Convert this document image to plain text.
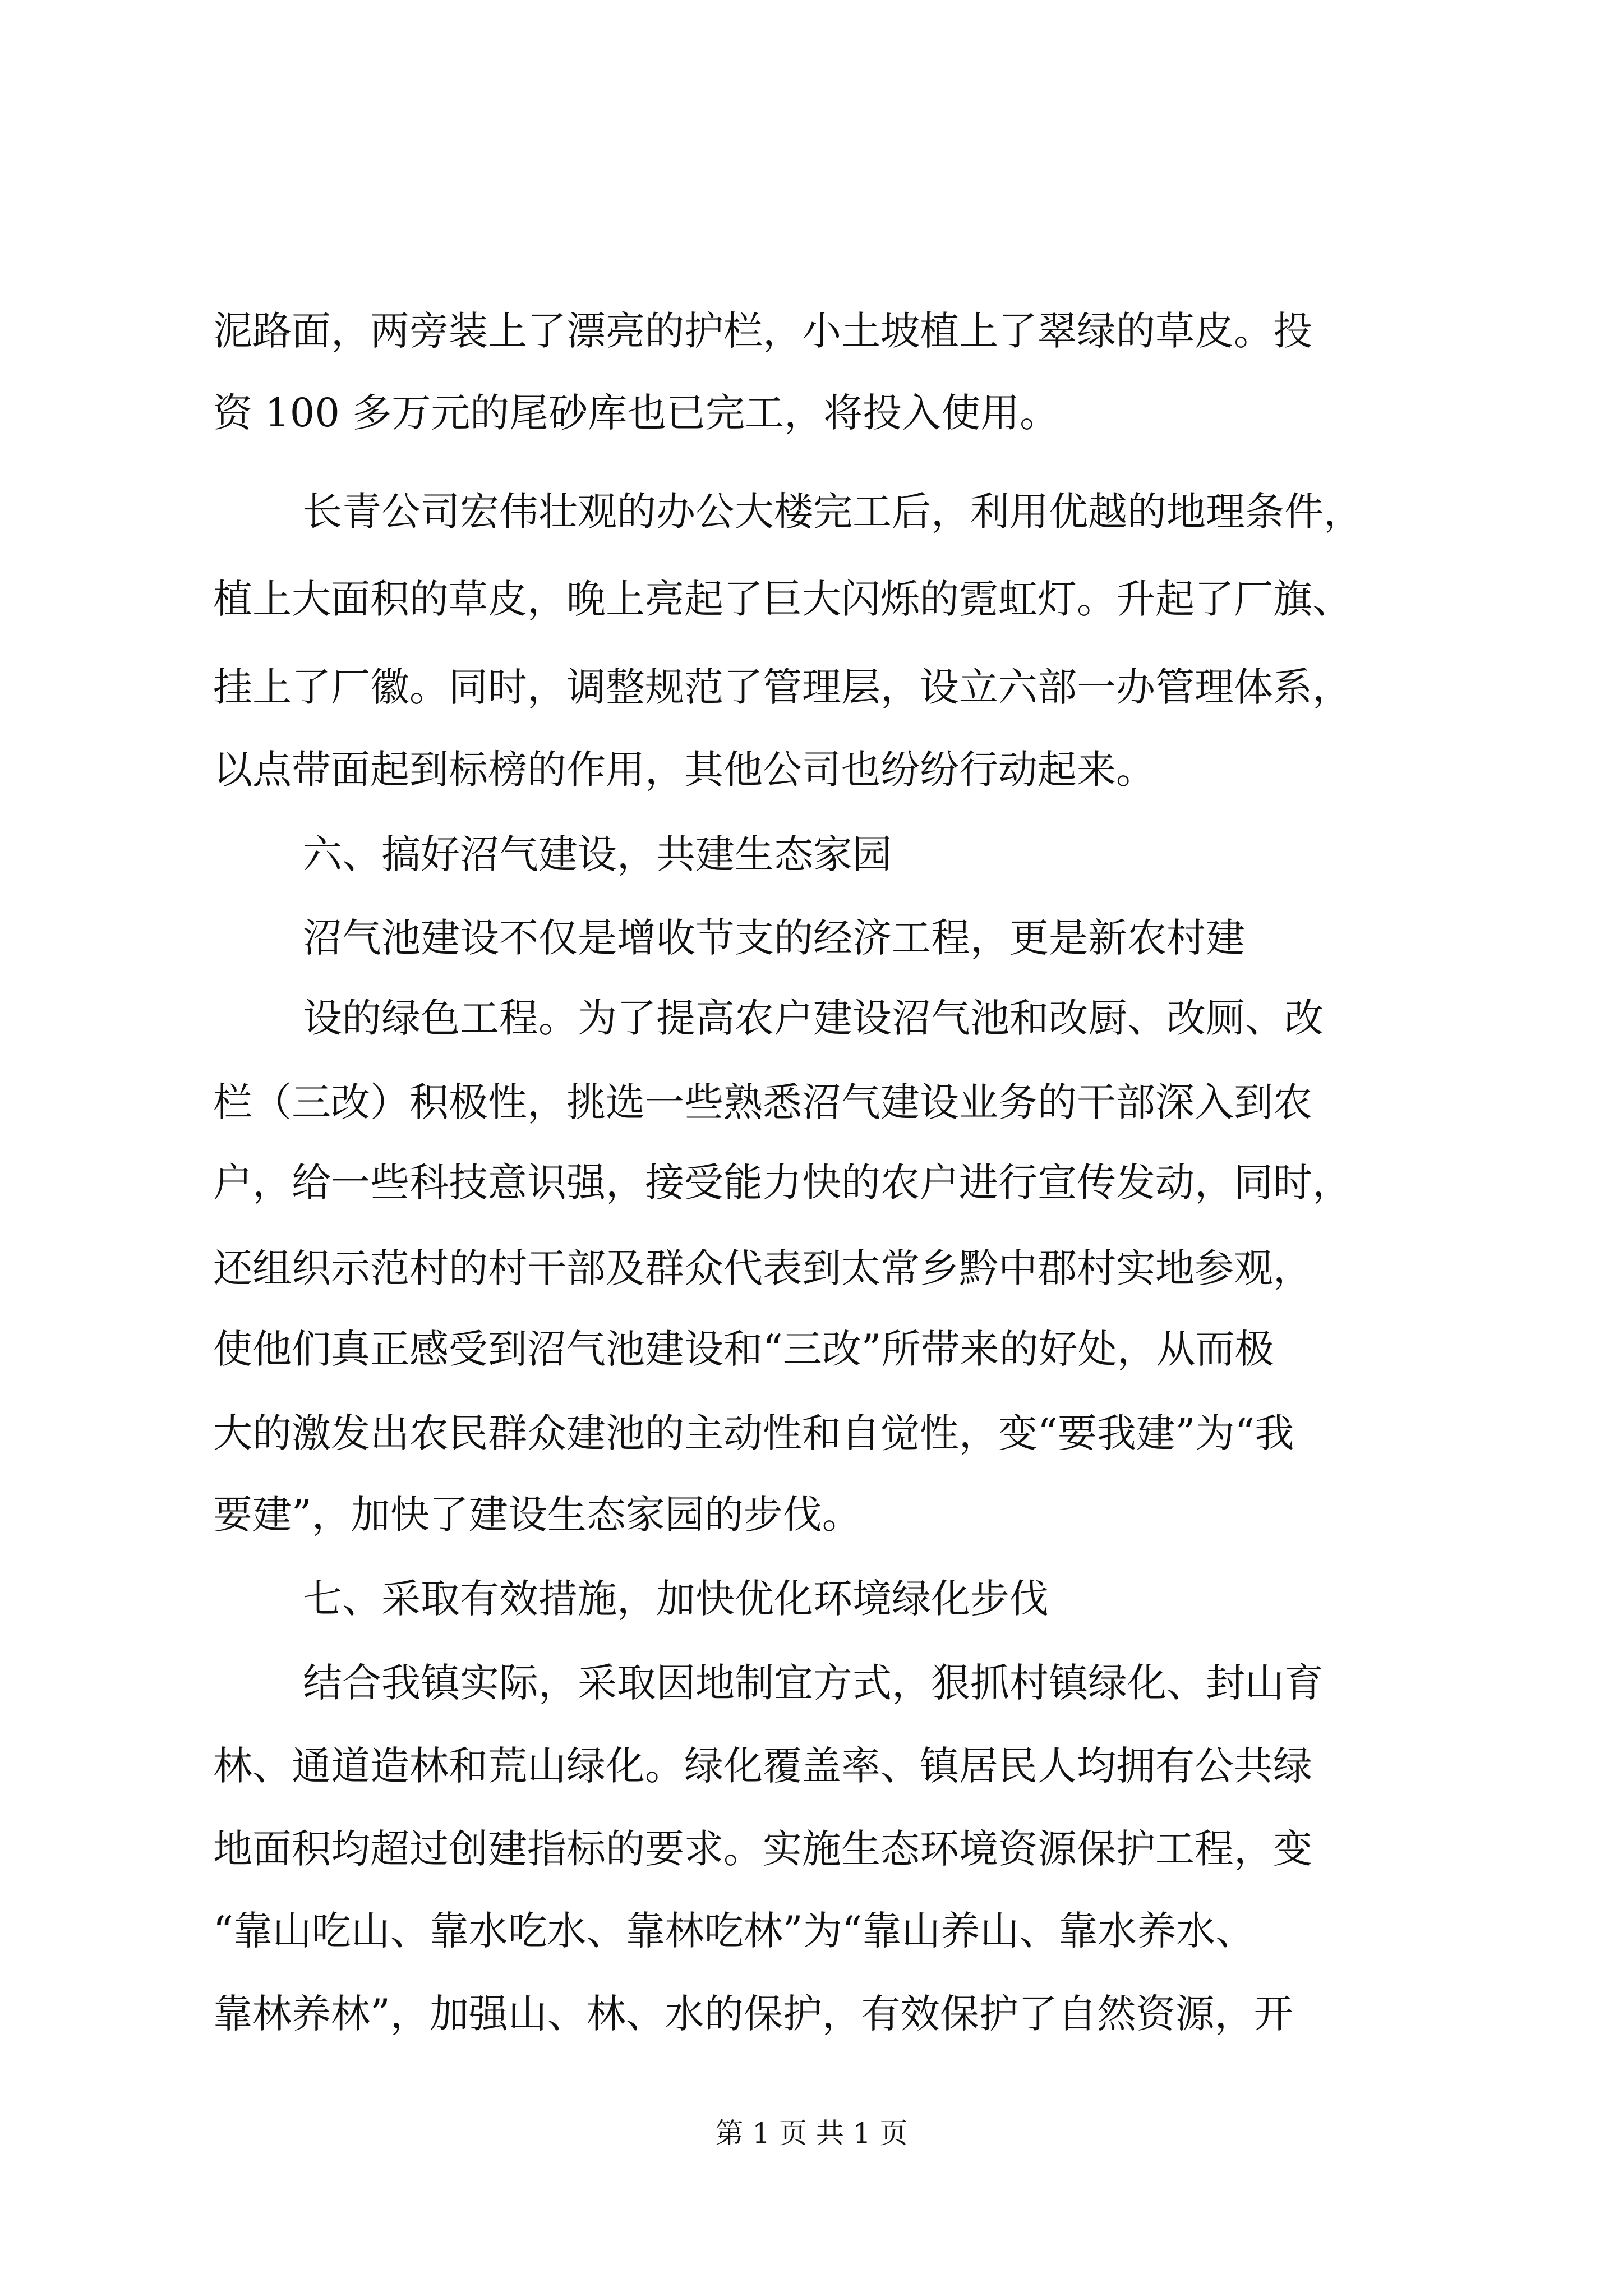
泥路面，两旁装上了漂亮的护栏，小土坡植上了翠绿的草皮。投

资 100 多万元的尾砂库也已完工，将投入使用。

长青公司宏伟壮观的办公大楼完工后，利用优越的地理条件，

植上大面积的草皮，晚上亮起了巨大闪烁的霓虹灯。升起了厂旗、

挂上了厂徽。同时，调整规范了管理层，设立六部一办管理体系，

以点带面起到标榜的作用，其他公司也纷纷行动起来。

六、搞好沼气建设，共建生态家园

沼气池建设不仅是增收节支的经济工程，更是新农村建

设的绿色工程。为了提高农户建设沼气池和改厨、改厕、改

栏（三改）积极性，挑选一些熟悉沼气建设业务的干部深入到农

户，给一些科技意识强，接受能力快的农户进行宣传发动，同时，

还组织示范村的村干部及群众代表到太常乡黔中郡村实地参观，

使他们真正感受到沼气池建设和“三改”所带来的好处，从而极

大的激发出农民群众建池的主动性和自觉性，变“要我建”为“我

要建”，加快了建设生态家园的步伐。

七、采取有效措施，加快优化环境绿化步伐

结合我镇实际，采取因地制宜方式，狠抓村镇绿化、封山育

林、通道造林和荒山绿化。绿化覆盖率、镇居民人均拥有公共绿

地面积均超过创建指标的要求。实施生态环境资源保护工程，变

“靠山吃山、靠水吃水、靠林吃林”为“靠山养山、靠水养水、

靠林养林”，加强山、林、水的保护，有效保护了自然资源，开

第 1 页 共 1 页
